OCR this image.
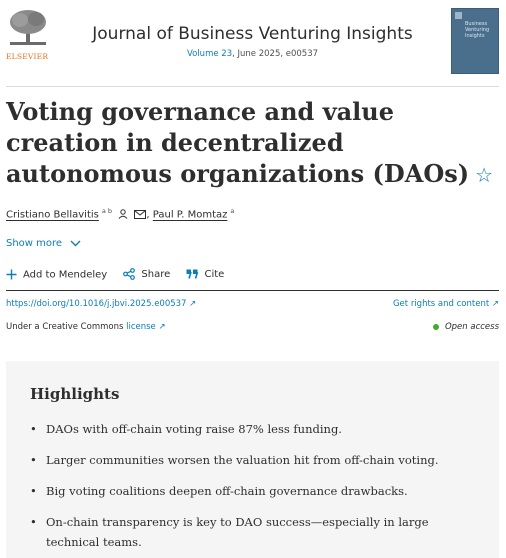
ELSEVIER
Journal of Business Venturing Insights
Volume 23, June 2025, e00537
Business
Venturing
Insights
Voting governance and value creation in decentralized autonomous organizations (DAOs) ☆
Cristiano Bellavitis $^{a b}$	, Paul P. Momtaz $^a$
Show more
Add to Mendeley	Share	Cite
https://doi.org/10.1016/j.jbvi.2025.e00537 ↗	Get rights and content ↗
Under a Creative Commons license ↗	Open access
Highlights
• DAOs with off-chain voting raise 87% less funding.
• Larger communities worsen the valuation hit from off-chain voting.
• Big voting coalitions deepen off-chain governance drawbacks.
• On-chain transparency is key to DAO success—especially in large technical teams.
